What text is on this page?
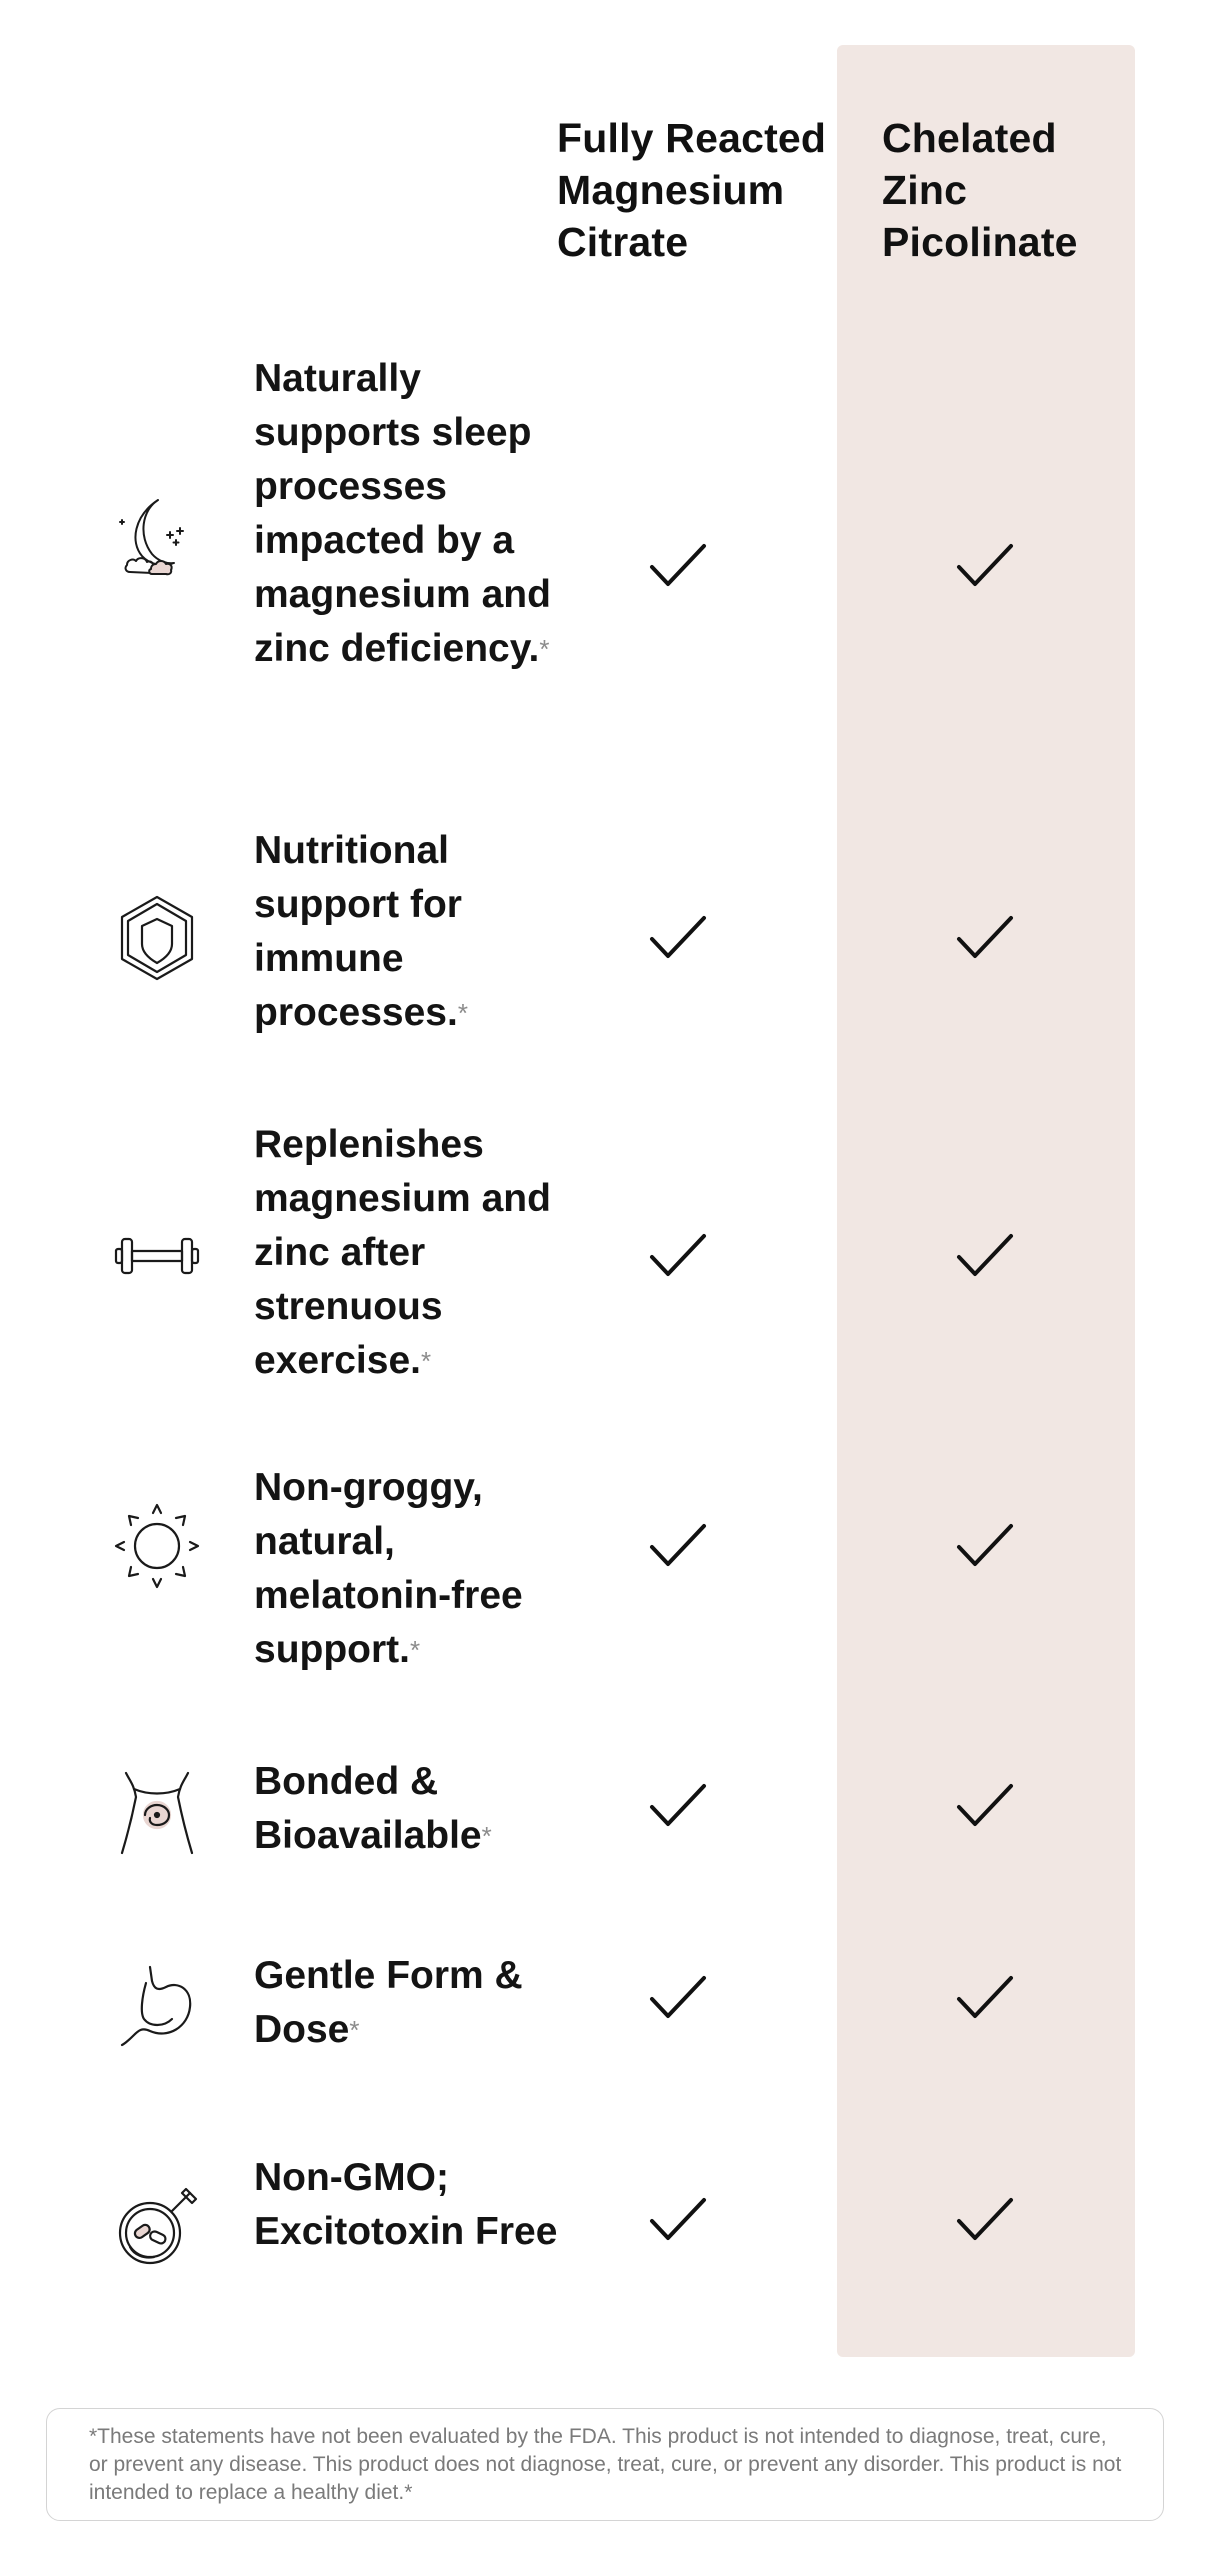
Fully Reacted Magnesium Citrate
Chelated Zinc Picolinate

Naturally supports sleep processes impacted by a magnesium and zinc deficiency.*

Nutritional support for immune processes.*

Replenishes magnesium and zinc after strenuous exercise.*

Non-groggy, natural, melatonin-free support.*

Bonded & Bioavailable*

Gentle Form & Dose*

Non-GMO; Excitotoxin Free

*These statements have not been evaluated by the FDA. This product is not intended to diagnose, treat, cure, or prevent any disease. This product does not diagnose, treat, cure, or prevent any disorder. This product is not intended to replace a healthy diet.*
